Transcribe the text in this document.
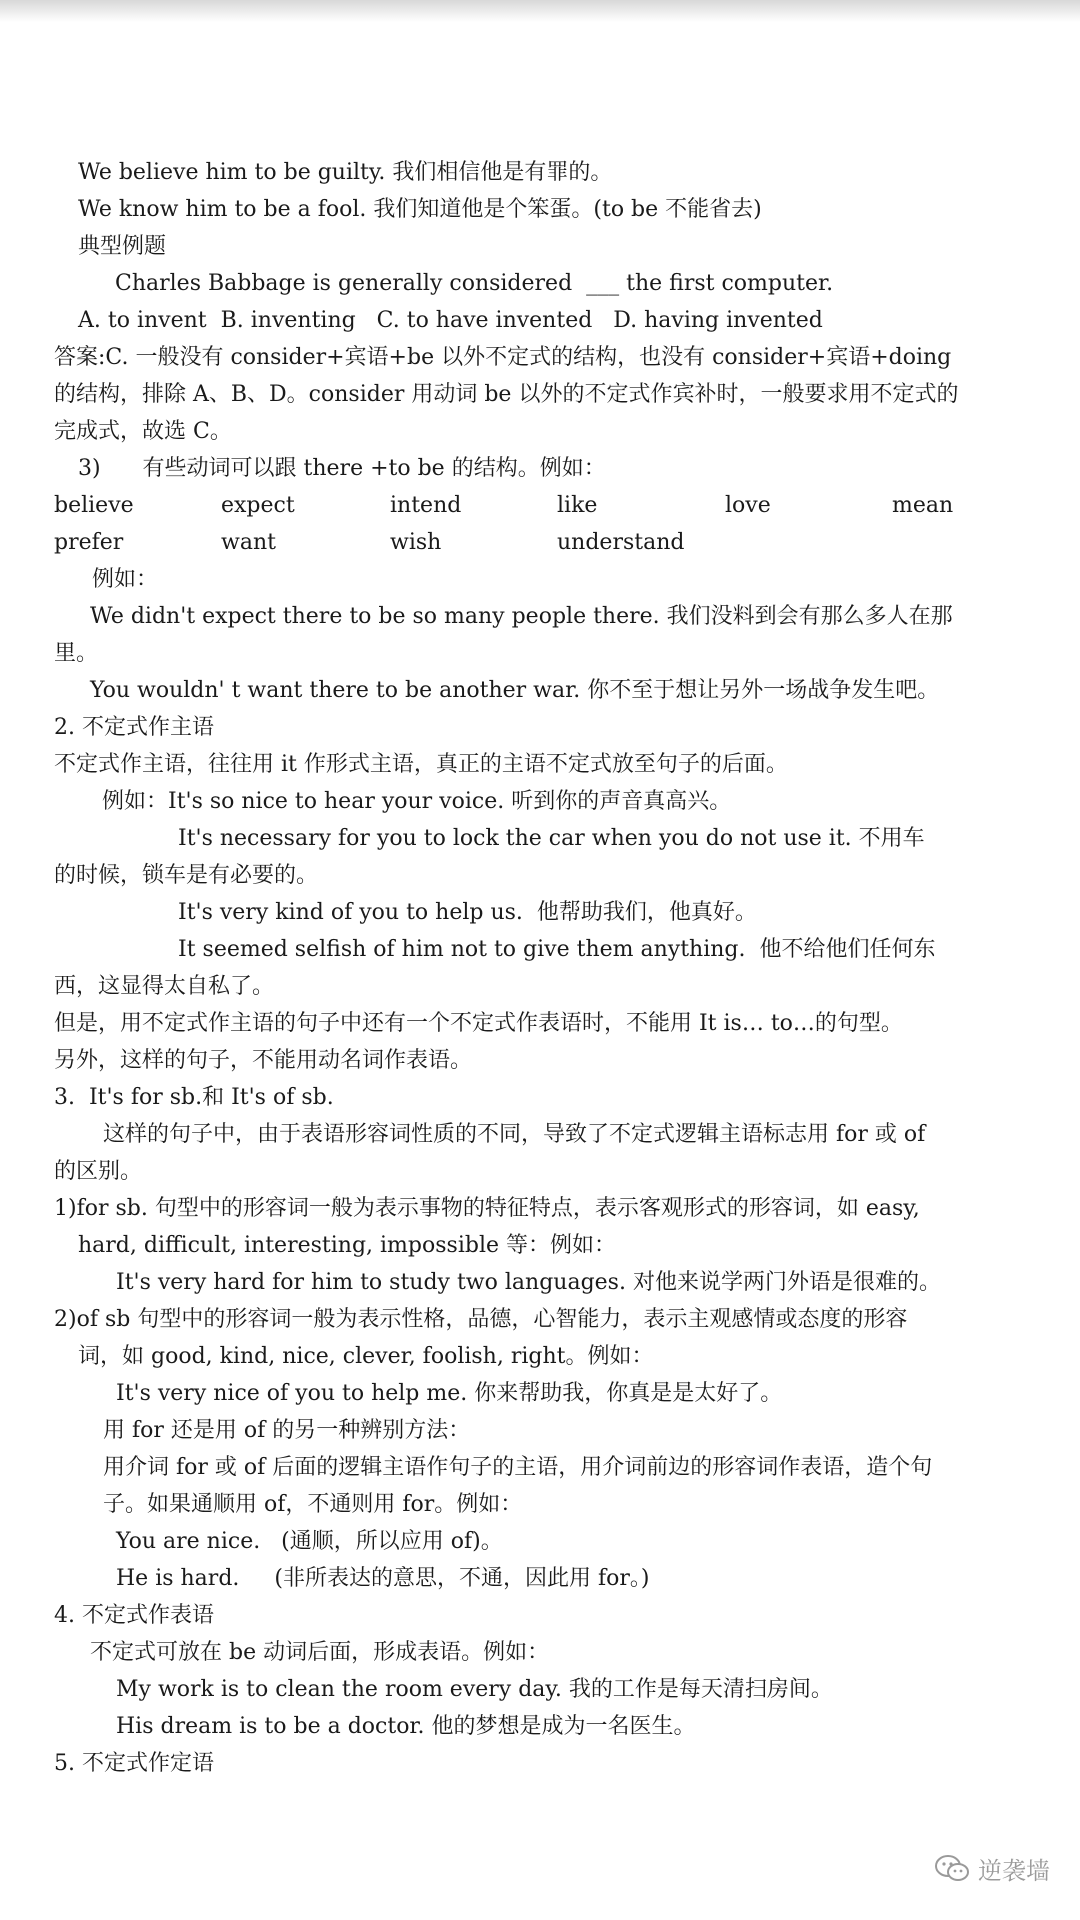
We believe him to be guilty. 我们相信他是有罪的。
We know him to be a fool. 我们知道他是个笨蛋。(to be 不能省去)
典型例题
Charles Babbage is generally considered  ___ the first computer.
A. to invent  B. inventing   C. to have invented   D. having invented
答案:C. 一般没有 consider+宾语+be 以外不定式的结构，也没有 consider+宾语+doing
的结构，排除 A、B、D。consider 用动词 be 以外的不定式作宾补时，一般要求用不定式的
完成式，故选 C。
3)      有些动词可以跟 there +to be 的结构。例如：
believe	expect	intend	like	love	mean
prefer	want	wish	understand
例如：
We didn't expect there to be so many people there. 我们没料到会有那么多人在那
里。
You wouldn' t want there to be another war. 你不至于想让另外一场战争发生吧。
2. 不定式作主语
不定式作主语，往往用 it 作形式主语，真正的主语不定式放至句子的后面。
例如：It's so nice to hear your voice. 听到你的声音真高兴。
It's necessary for you to lock the car when you do not use it. 不用车
的时候，锁车是有必要的。
It's very kind of you to help us.  他帮助我们，他真好。
It seemed selfish of him not to give them anything.  他不给他们任何东
西，这显得太自私了。
但是，用不定式作主语的句子中还有一个不定式作表语时，不能用 It is… to…的句型。
另外，这样的句子，不能用动名词作表语。
3.  It's for sb.和 It's of sb.
这样的句子中，由于表语形容词性质的不同，导致了不定式逻辑主语标志用 for 或 of
的区别。
1)for sb. 句型中的形容词一般为表示事物的特征特点，表示客观形式的形容词，如 easy,
hard, difficult, interesting, impossible 等：例如：
It's very hard for him to study two languages. 对他来说学两门外语是很难的。
2)of sb 句型中的形容词一般为表示性格，品德，心智能力，表示主观感情或态度的形容
词，如 good, kind, nice, clever, foolish, right。例如：
It's very nice of you to help me. 你来帮助我，你真是是太好了。
用 for 还是用 of 的另一种辨别方法：
用介词 for 或 of 后面的逻辑主语作句子的主语，用介词前边的形容词作表语，造个句
子。如果通顺用 of，不通则用 for。例如：
You are nice.   (通顺，所以应用 of)。
He is hard.     (非所表达的意思，不通，因此用 for。)
4. 不定式作表语
不定式可放在 be 动词后面，形成表语。例如：
My work is to clean the room every day. 我的工作是每天清扫房间。
His dream is to be a doctor. 他的梦想是成为一名医生。
5. 不定式作定语
逆袭墙
